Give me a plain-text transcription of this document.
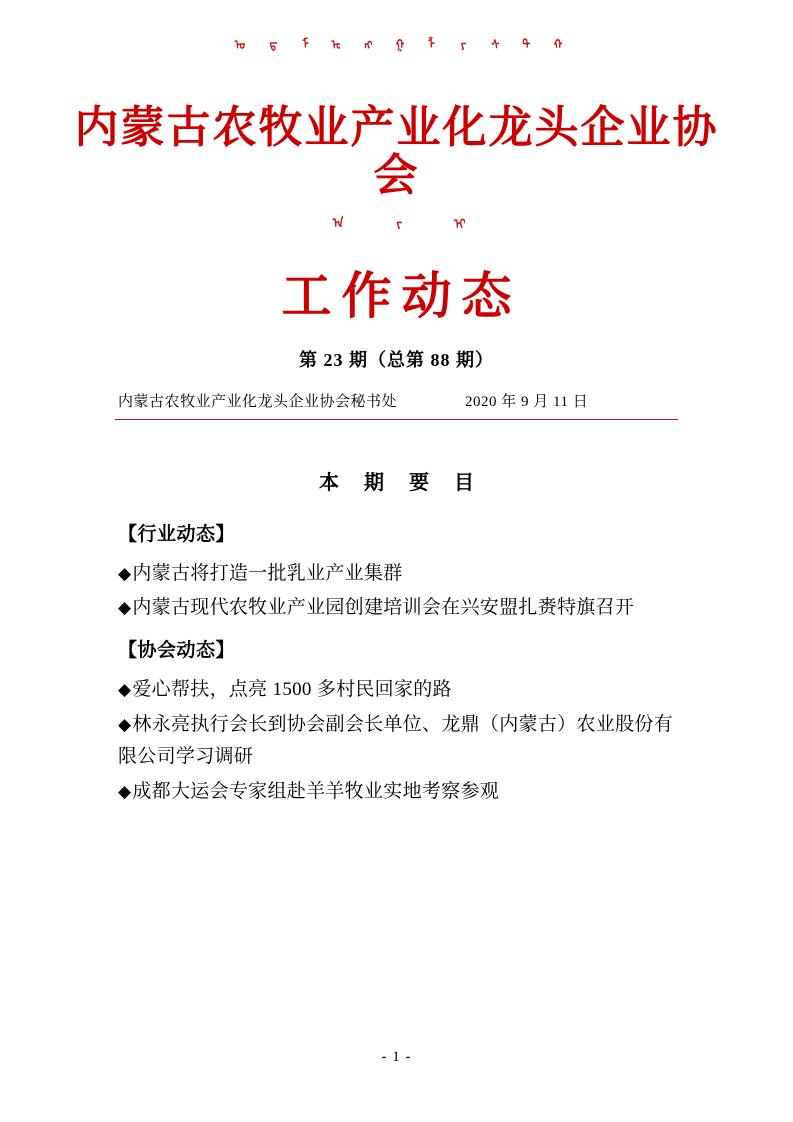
ᠦ ᠳ ᠮ ᠣ ᠩ ᠭ ᠯ ᠶ ᠰ ᠲ ᠬ
内蒙古农牧业产业化龙头企业协会
ᠠ	ᠵ	ᠢ
工作动态
第 23 期（总第 88 期）
内蒙古农牧业产业化龙头企业协会秘书处	2020 年 9 月 11 日
本 期 要 目
【行业动态】
◆内蒙古将打造一批乳业产业集群
◆内蒙古现代农牧业产业园创建培训会在兴安盟扎赉特旗召开
【协会动态】
◆爱心帮扶，点亮 1500 多村民回家的路
◆林永亮执行会长到协会副会长单位、龙鼎（内蒙古）农业股份有限公司学习调研
◆成都大运会专家组赴羊羊牧业实地考察参观
- 1 -
